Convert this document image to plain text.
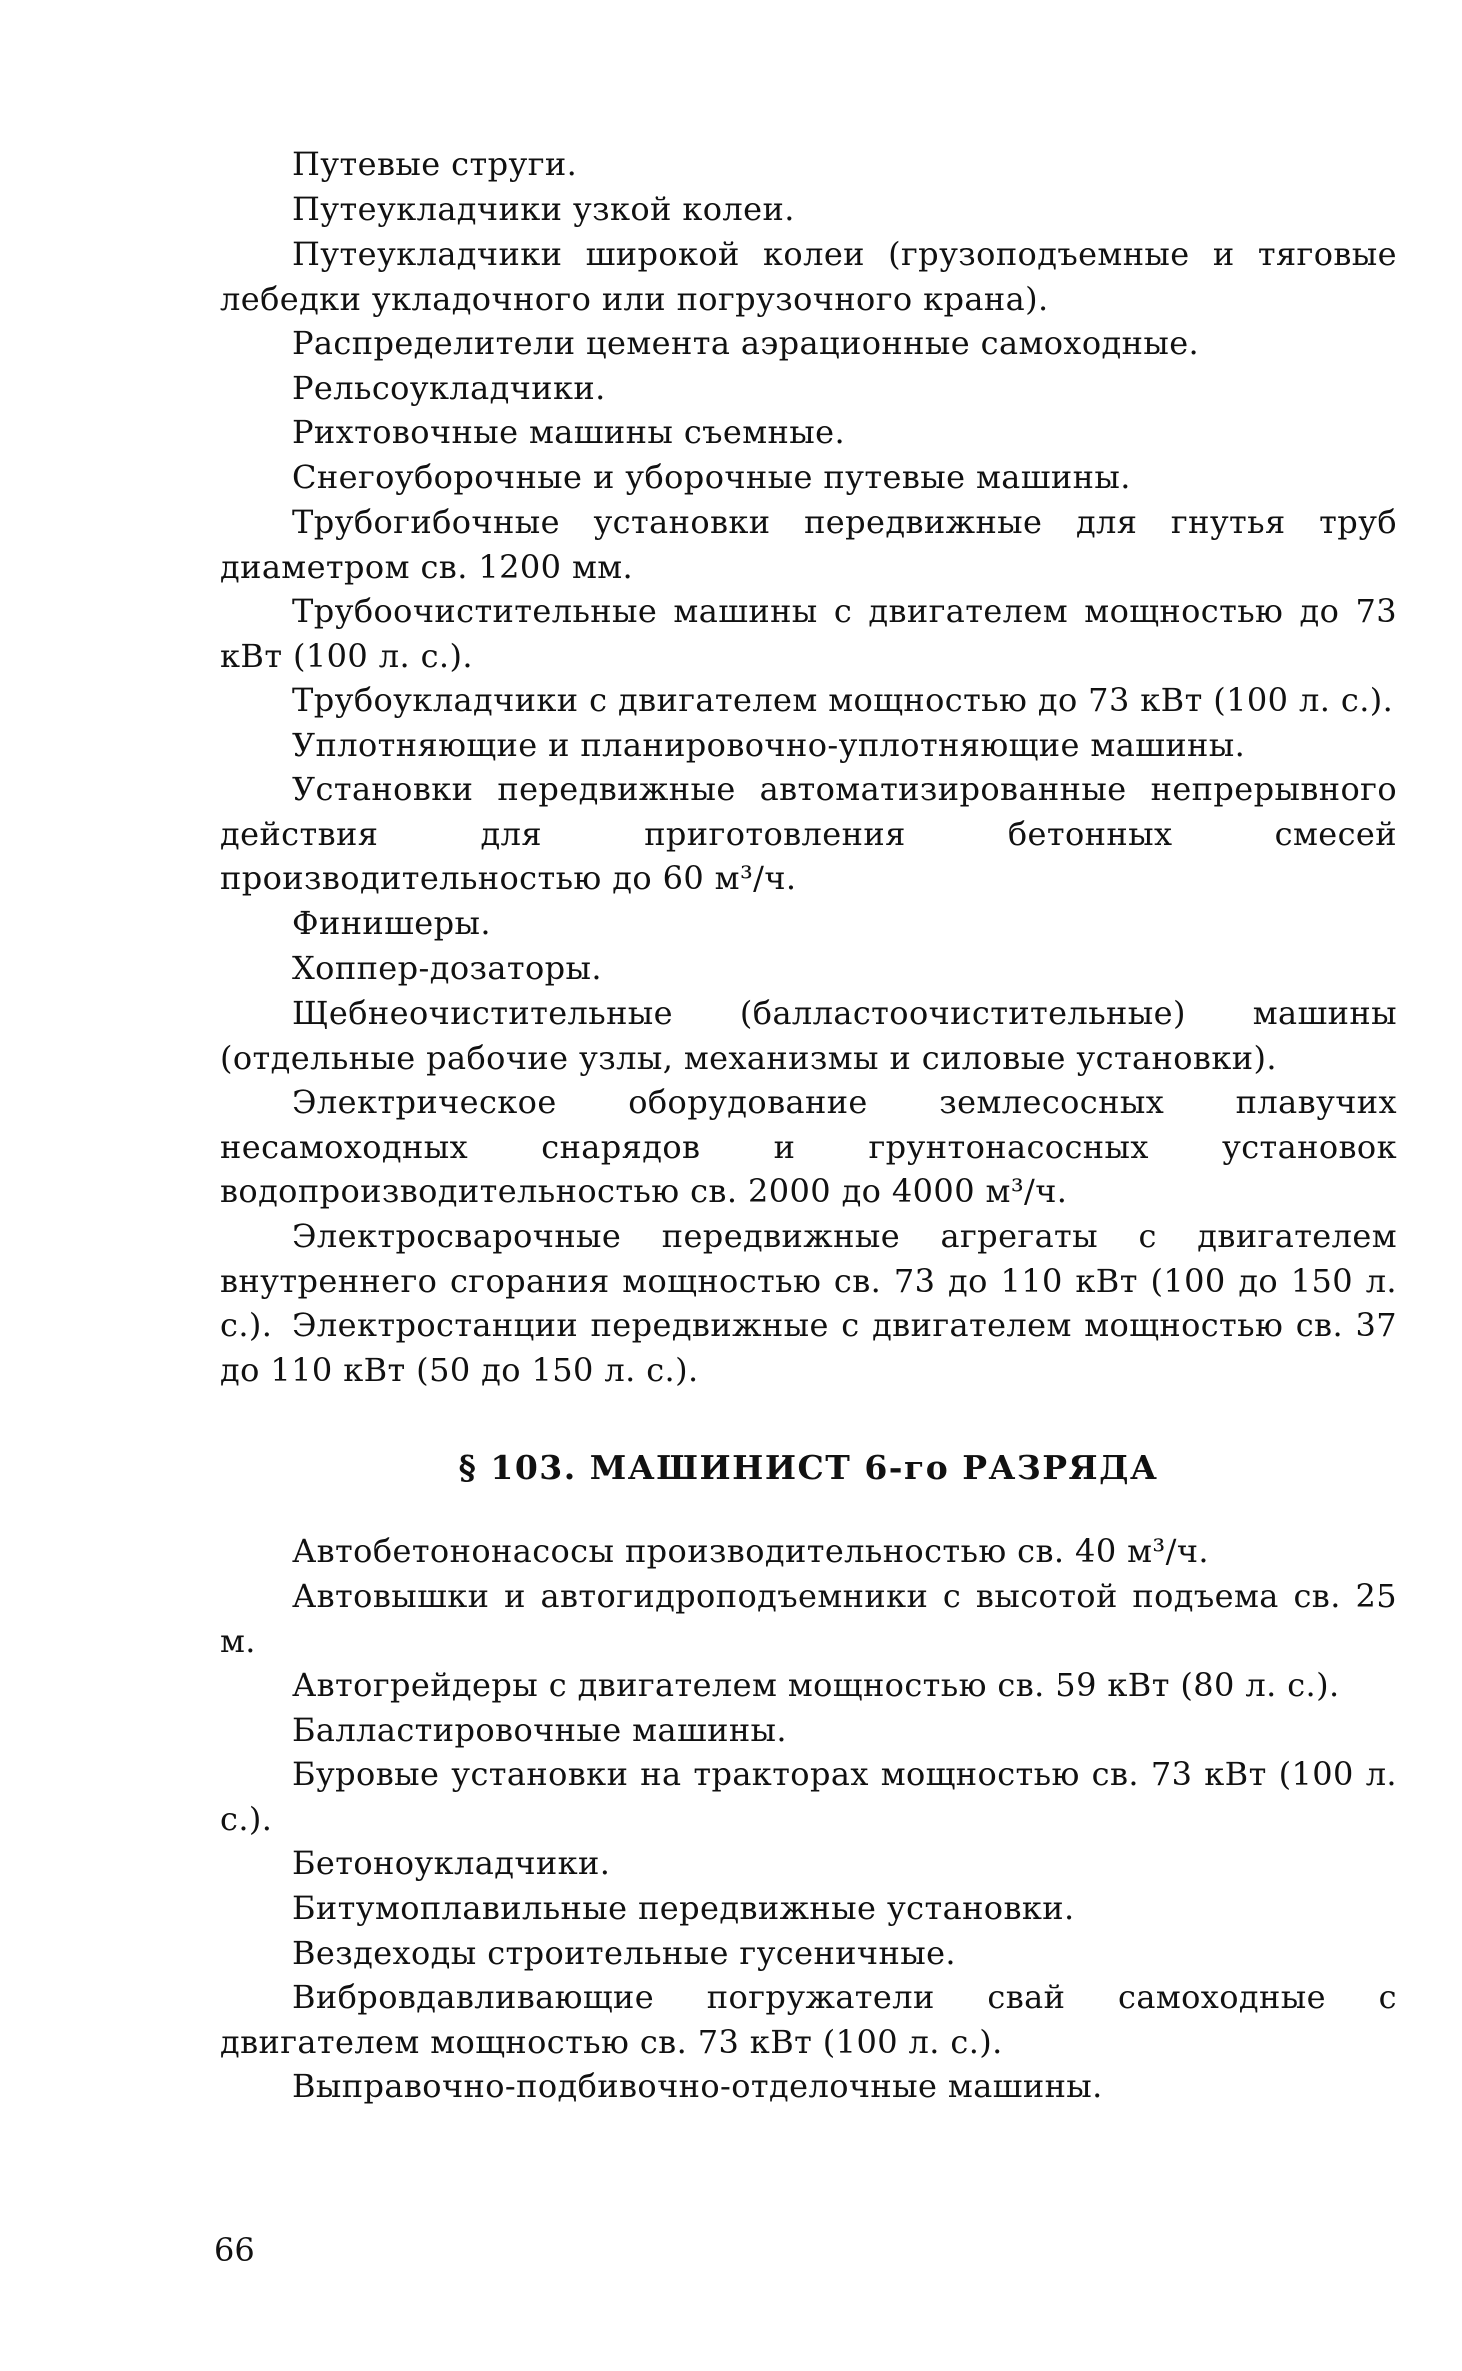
Путевые струги.

Путеукладчики узкой колеи.

Путеукладчики широкой колеи (грузоподъемные и тяговые лебедки укладочного или погрузочного крана).

Распределители цемента аэрационные самоходные.

Рельсоукладчики.

Рихтовочные машины съемные.

Снегоуборочные и уборочные путевые машины.

Трубогибочные установки передвижные для гнутья труб диаметром св. 1200 мм.

Трубоочистительные машины с двигателем мощностью до 73 кВт (100 л. с.).

Трубоукладчики с двигателем мощностью до 73 кВт (100 л. с.).

Уплотняющие и планировочно-уплотняющие машины.

Установки передвижные автоматизированные непрерывного действия для приготовления бетонных смесей производительностью до 60 м³/ч.

Финишеры.

Хоппер-дозаторы.

Щебнеочистительные (балластоочистительные) машины (отдельные рабочие узлы, механизмы и силовые установки).

Электрическое оборудование землесосных плавучих несамоходных снарядов и грунтонасосных установок водопроизводительностью св. 2000 до 4000 м³/ч.

Электросварочные передвижные агрегаты с двигателем внутреннего сгорания мощностью св. 73 до 110 кВт (100 до 150 л. с.). Электростанции передвижные с двигателем мощностью св. 37 до 110 кВт (50 до 150 л. с.).

§ 103. МАШИНИСТ 6-го РАЗРЯДА

Автобетононасосы производительностью св. 40 м³/ч.

Автовышки и автогидроподъемники с высотой подъема св. 25 м.

Автогрейдеры с двигателем мощностью св. 59 кВт (80 л. с.).

Балластировочные машины.

Буровые установки на тракторах мощностью св. 73 кВт (100 л. с.).

Бетоноукладчики.

Битумоплавильные передвижные установки.

Вездеходы строительные гусеничные.

Вибровдавливающие погружатели свай самоходные с двигателем мощностью св. 73 кВт (100 л. с.).

Выправочно-подбивочно-отделочные машины.

66
